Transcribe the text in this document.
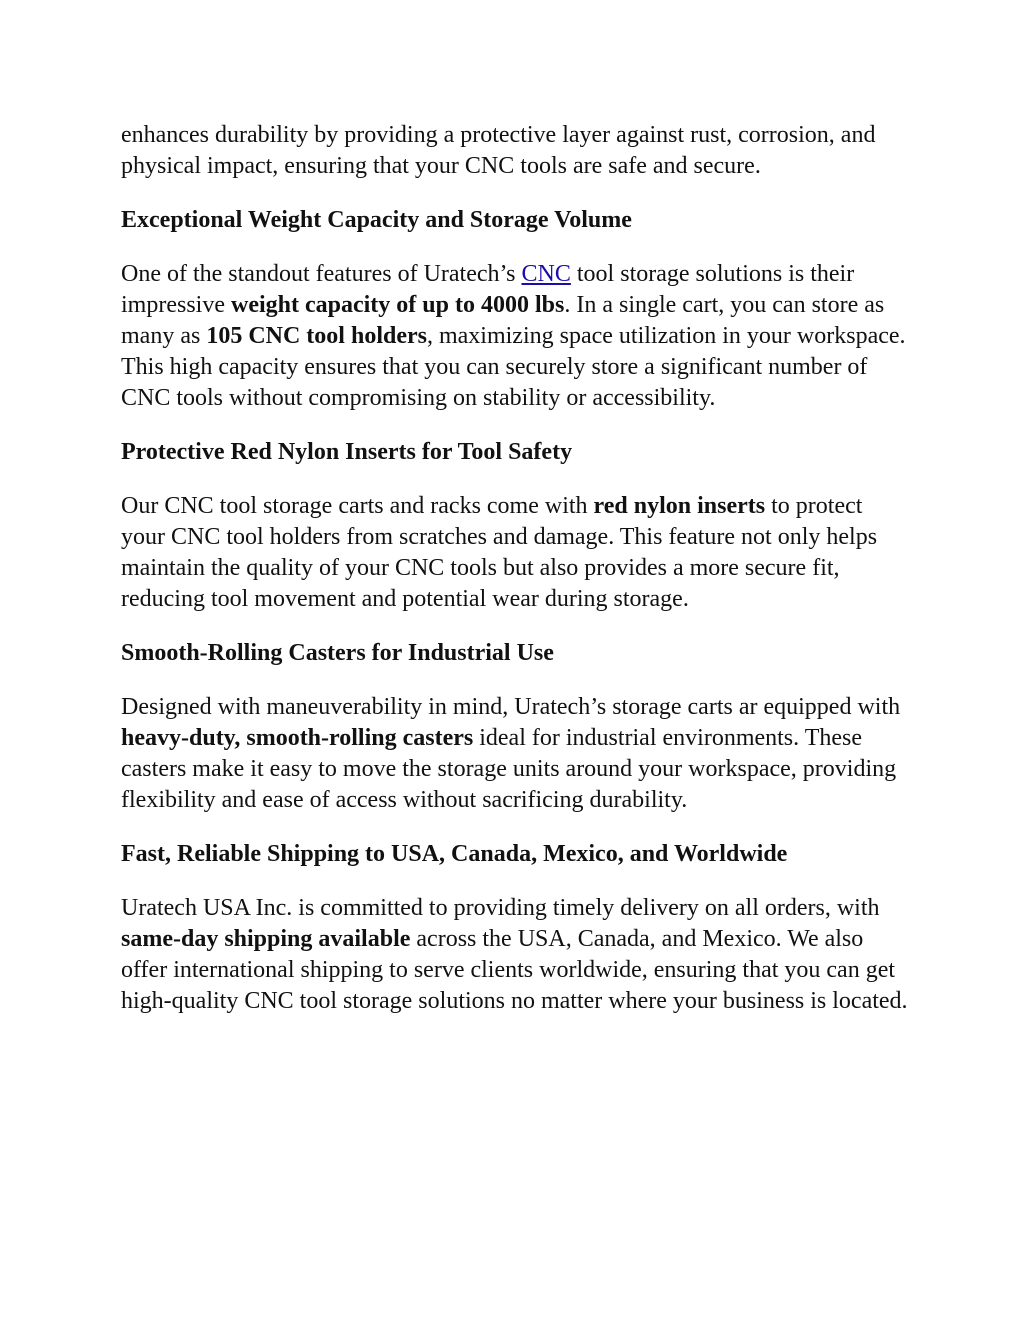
enhances durability by providing a protective layer against rust, corrosion, and physical impact, ensuring that your CNC tools are safe and secure.

Exceptional Weight Capacity and Storage Volume

One of the standout features of Uratech’s CNC tool storage solutions is their impressive weight capacity of up to 4000 lbs. In a single cart, you can store as many as 105 CNC tool holders, maximizing space utilization in your workspace. This high capacity ensures that you can securely store a significant number of CNC tools without compromising on stability or accessibility.

Protective Red Nylon Inserts for Tool Safety

Our CNC tool storage carts and racks come with red nylon inserts to protect your CNC tool holders from scratches and damage. This feature not only helps maintain the quality of your CNC tools but also provides a more secure fit, reducing tool movement and potential wear during storage.

Smooth-Rolling Casters for Industrial Use

Designed with maneuverability in mind, Uratech’s storage carts ar equipped with heavy-duty, smooth-rolling casters ideal for industrial environments. These casters make it easy to move the storage units around your workspace, providing flexibility and ease of access without sacrificing durability.

Fast, Reliable Shipping to USA, Canada, Mexico, and Worldwide

Uratech USA Inc. is committed to providing timely delivery on all orders, with same-day shipping available across the USA, Canada, and Mexico. We also offer international shipping to serve clients worldwide, ensuring that you can get high-quality CNC tool storage solutions no matter where your business is located.
